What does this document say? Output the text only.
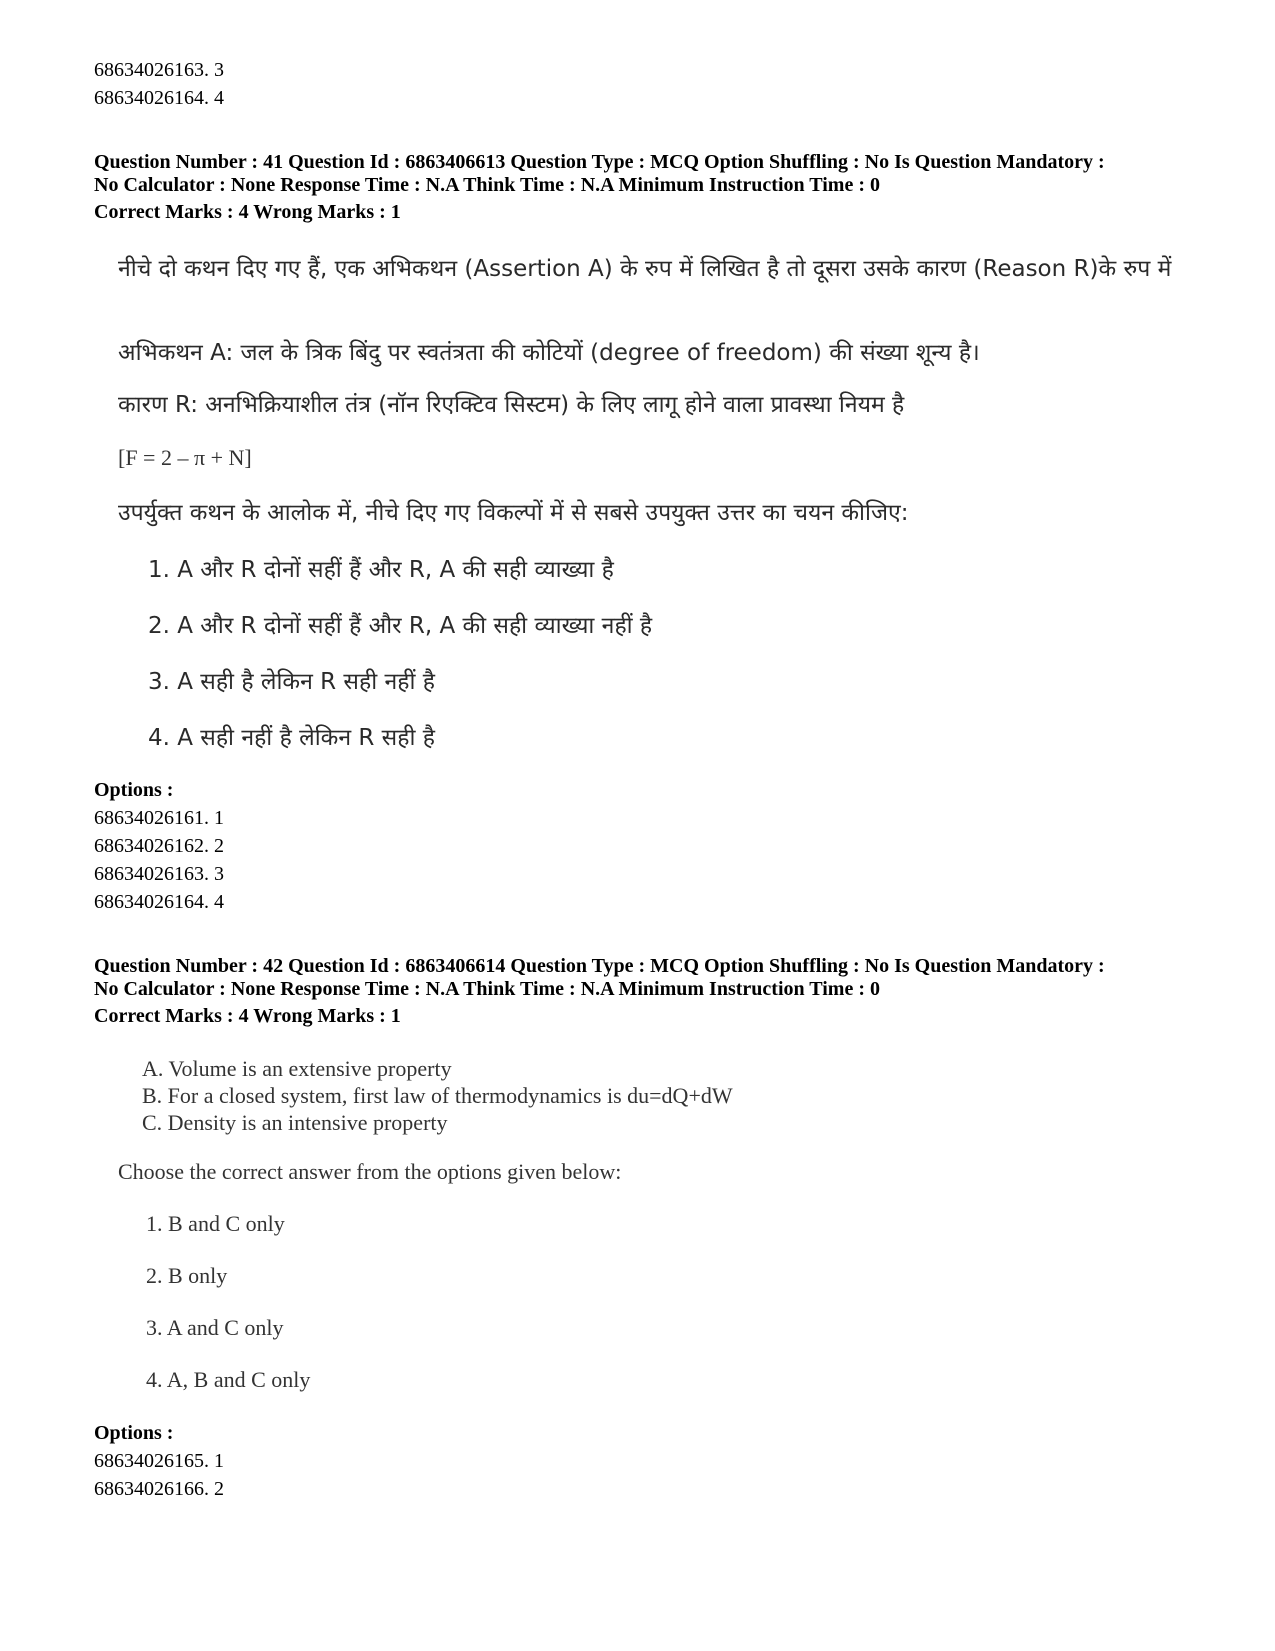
68634026163. 3
68634026164. 4
Question Number : 41 Question Id : 6863406613 Question Type : MCQ Option Shuffling : No Is Question Mandatory :
No Calculator : None Response Time : N.A Think Time : N.A Minimum Instruction Time : 0
Correct Marks : 4 Wrong Marks : 1
नीचे दो कथन दिए गए हैं, एक अभिकथन (Assertion A) के रुप में लिखित है तो दूसरा उसके कारण (Reason R)के रुप में
अभिकथन A: जल के त्रिक बिंदु पर स्वतंत्रता की कोटियों (degree of freedom) की संख्या शून्य है।
कारण R: अनभिक्रियाशील तंत्र (नॉन रिएक्टिव सिस्टम) के लिए लागू होने वाला प्रावस्था नियम है
[F = 2 – π + N]
उपर्युक्त कथन के आलोक में, नीचे दिए गए विकल्पों में से सबसे उपयुक्त उत्तर का चयन कीजिए:
1. A और R दोनों सहीं हैं और R, A की सही व्याख्या है
2. A और R दोनों सहीं हैं और R, A की सही व्याख्या नहीं है
3. A सही है लेकिन R सही नहीं है
4. A सही नहीं है लेकिन R सही है
Options :
68634026161. 1
68634026162. 2
68634026163. 3
68634026164. 4
Question Number : 42 Question Id : 6863406614 Question Type : MCQ Option Shuffling : No Is Question Mandatory :
No Calculator : None Response Time : N.A Think Time : N.A Minimum Instruction Time : 0
Correct Marks : 4 Wrong Marks : 1
A. Volume is an extensive property
B. For a closed system, first law of thermodynamics is du=dQ+dW
C. Density is an intensive property
Choose the correct answer from the options given below:
1. B and C only
2. B only
3. A and C only
4. A, B and C only
Options :
68634026165. 1
68634026166. 2
